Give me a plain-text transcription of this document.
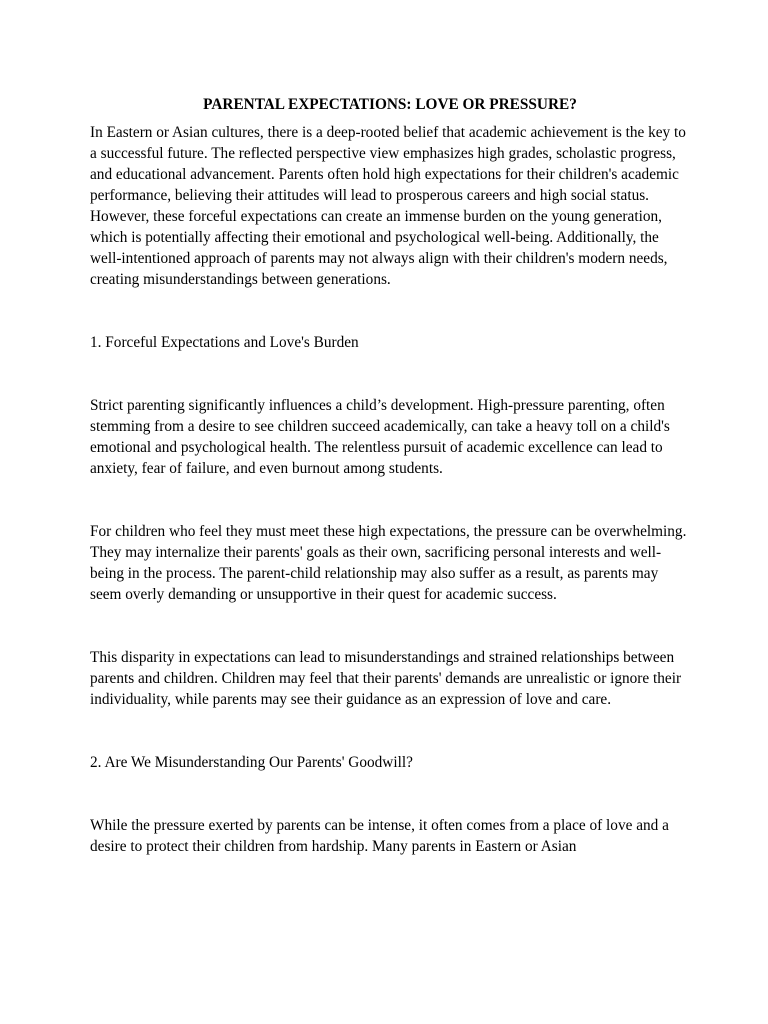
PARENTAL EXPECTATIONS: LOVE OR PRESSURE?

In Eastern or Asian cultures, there is a deep-rooted belief that academic achievement is the key to a successful future. The reflected perspective view emphasizes high grades, scholastic progress, and educational advancement. Parents often hold high expectations for their children's academic performance, believing their attitudes will lead to prosperous careers and high social status. However, these forceful expectations can create an immense burden on the young generation, which is potentially affecting their emotional and psychological well-being. Additionally, the well-intentioned approach of parents may not always align with their children's modern needs, creating misunderstandings between generations.

1. Forceful Expectations and Love's Burden

Strict parenting significantly influences a child’s development. High-pressure parenting, often stemming from a desire to see children succeed academically, can take a heavy toll on a child's emotional and psychological health. The relentless pursuit of academic excellence can lead to anxiety, fear of failure, and even burnout among students.

For children who feel they must meet these high expectations, the pressure can be overwhelming. They may internalize their parents' goals as their own, sacrificing personal interests and well-being in the process. The parent-child relationship may also suffer as a result, as parents may seem overly demanding or unsupportive in their quest for academic success.

This disparity in expectations can lead to misunderstandings and strained relationships between parents and children. Children may feel that their parents' demands are unrealistic or ignore their individuality, while parents may see their guidance as an expression of love and care.

2. Are We Misunderstanding Our Parents' Goodwill?

While the pressure exerted by parents can be intense, it often comes from a place of love and a desire to protect their children from hardship. Many parents in Eastern or Asian
